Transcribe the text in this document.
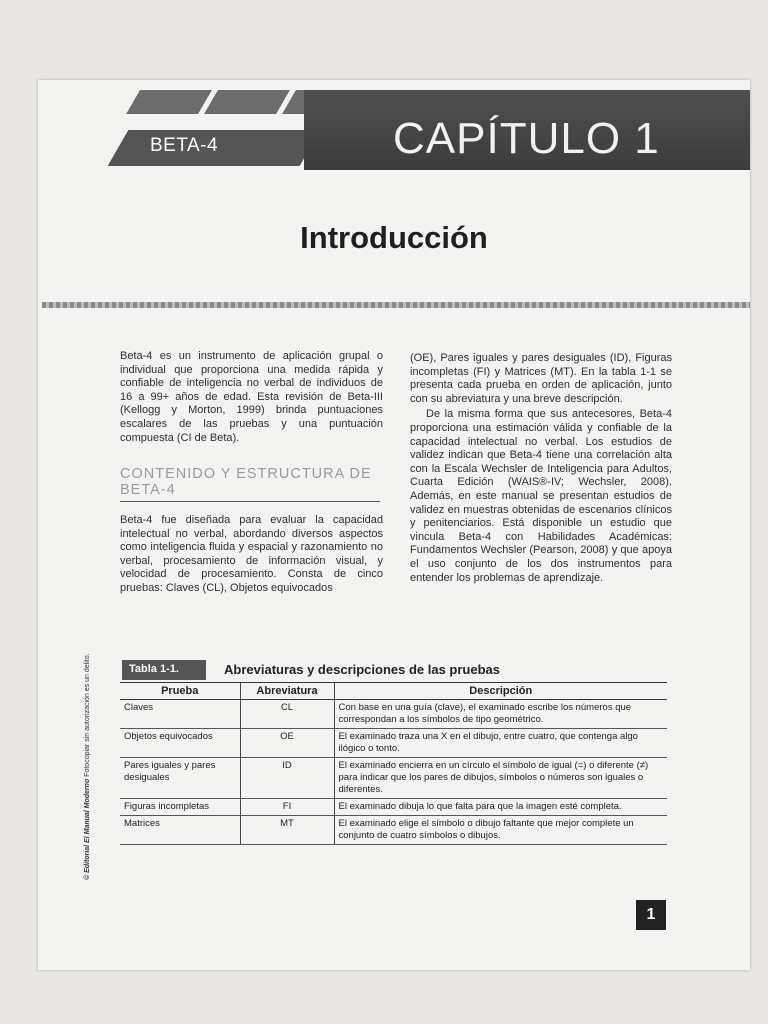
BETA-4	CAPÍTULO 1
Introducción

Beta-4 es un instrumento de aplicación grupal o individual que proporciona una medida rápida y confiable de inteligencia no verbal de individuos de 16 a 99+ años de edad. Esta revisión de Beta-III (Kellogg y Morton, 1999) brinda puntuaciones escalares de las pruebas y una puntuación compuesta (CI de Beta).

CONTENIDO Y ESTRUCTURA DE BETA-4

Beta-4 fue diseñada para evaluar la capacidad intelectual no verbal, abordando diversos aspectos como inteligencia fluida y espacial y razonamiento no verbal, procesamiento de información visual, y velocidad de procesamiento. Consta de cinco pruebas: Claves (CL), Objetos equivocados

(OE), Pares iguales y pares desiguales (ID), Figuras incompletas (FI) y Matrices (MT). En la tabla 1-1 se presenta cada prueba en orden de aplicación, junto con su abreviatura y una breve descripción.

De la misma forma que sus antecesores, Beta-4 proporciona una estimación válida y confiable de la capacidad intelectual no verbal. Los estudios de validez indican que Beta-4 tiene una correlación alta con la Escala Wechsler de Inteligencia para Adultos, Cuarta Edición (WAIS®-IV; Wechsler, 2008). Además, en este manual se presentan estudios de validez en muestras obtenidas de escenarios clínicos y penitenciarios. Está disponible un estudio que vincula Beta-4 con Habilidades Académicas: Fundamentos Wechsler (Pearson, 2008) y que apoya el uso conjunto de los dos instrumentos para entender los problemas de aprendizaje.

© Editorial El Manual Moderno Fotocopiar sin autorización es un delito.	Tabla 1-1.	Abreviaturas y descripciones de las pruebas
Prueba	Abreviatura	Descripción
Claves	CL	Con base en una guía (clave), el examinado escribe los números que correspondan a los símbolos de tipo geométrico.
Objetos equivocados	OE	El examinado traza una X en el dibujo, entre cuatro, que contenga algo ilógico o tonto.
Pares iguales y pares desiguales	ID	El examinado encierra en un círculo el símbolo de igual (=) o diferente (≠) para indicar que los pares de dibujos, símbolos o números son iguales o diferentes.
Figuras incompletas	FI	El examinado dibuja lo que falta para que la imagen esté completa.
Matrices	MT	El examinado elige el símbolo o dibujo faltante que mejor complete un conjunto de cuatro símbolos o dibujos.
1
